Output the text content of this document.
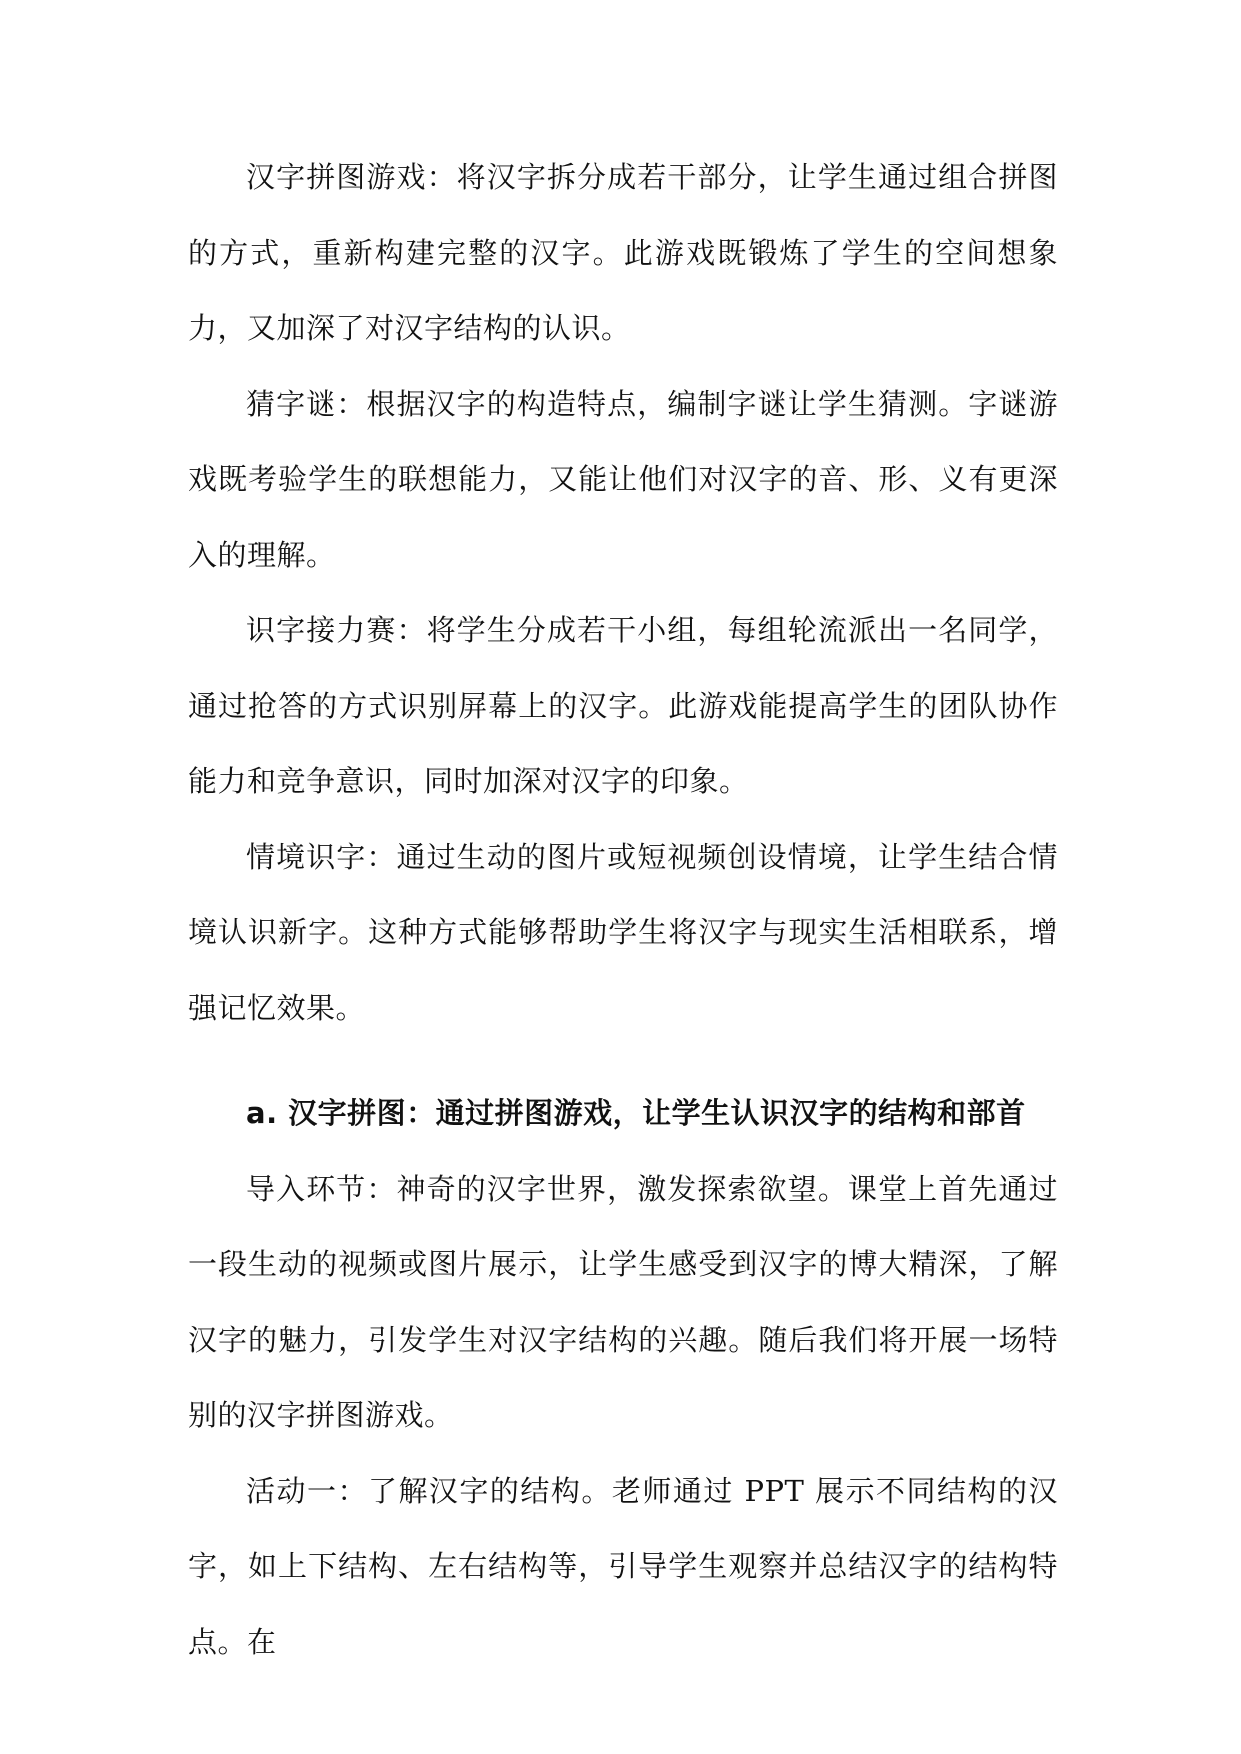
汉字拼图游戏：将汉字拆分成若干部分，让学生通过组合拼图的方式，重新构建完整的汉字。此游戏既锻炼了学生的空间想象力，又加深了对汉字结构的认识。

猜字谜：根据汉字的构造特点，编制字谜让学生猜测。字谜游戏既考验学生的联想能力，又能让他们对汉字的音、形、义有更深入的理解。

识字接力赛：将学生分成若干小组，每组轮流派出一名同学，通过抢答的方式识别屏幕上的汉字。此游戏能提高学生的团队协作能力和竞争意识，同时加深对汉字的印象。

情境识字：通过生动的图片或短视频创设情境，让学生结合情境认识新字。这种方式能够帮助学生将汉字与现实生活相联系，增强记忆效果。

a. 汉字拼图：通过拼图游戏，让学生认识汉字的结构和部首

导入环节：神奇的汉字世界，激发探索欲望。课堂上首先通过一段生动的视频或图片展示，让学生感受到汉字的博大精深，了解汉字的魅力，引发学生对汉字结构的兴趣。随后我们将开展一场特别的汉字拼图游戏。

活动一：了解汉字的结构。老师通过 PPT 展示不同结构的汉字，如上下结构、左右结构等，引导学生观察并总结汉字的结构特点。在
